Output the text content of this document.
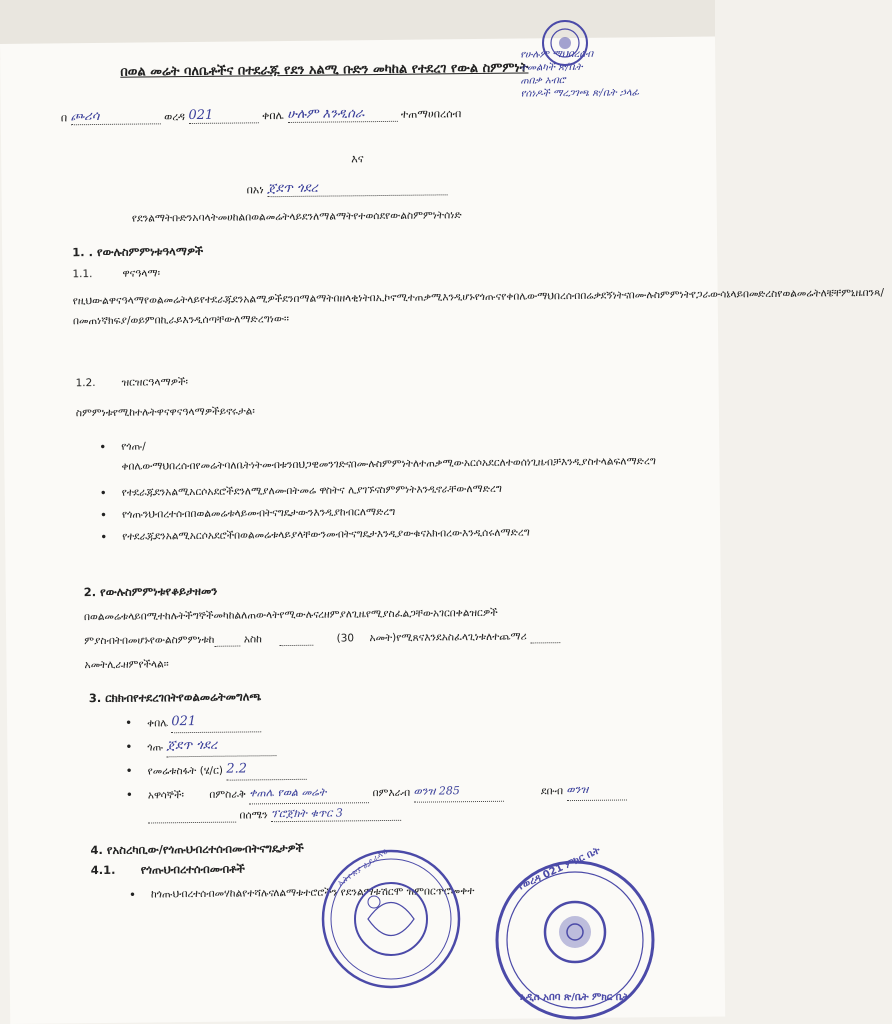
በወል መሬት ባለቤቶችና በተደራጁ የደን አልሚ ቡድን መካከል የተደረገ የውል ስምምነት
የሁሉም ማህበረሰብ
ተመልካች ጽ/ቤት
ጠበቃ አብሮ
የሰነዶች ማረጋገጫ ጽ/ቤት ኃላፊ
በ ጮሪሳ	ወረዳ 021	ቀበሌ ሁሉም እንዲሰራ	ተጠማሀበረሰብ
እና
በአነ ጀደጥ ጎደረ
የደንልማትቡድንአባላትመሀከልበወልመሬትላይደንለማልማትየተወሰደየውልስምምነትሰነድ
1. . የውሉስምምነቱዓላማዎች
1.1.	ዋናዓላማ፡
የዚህውልዋናዓላማየወልመሬትላይየተደራጁደንአልሚዎችደንበማልማትበዘላቂነትበኢኮኖሚተጠቃሚእንዲሆኑየጎጡናየቀበሌውማህበረሰብበሬቃደኝነትናበሙሉስምምነትየጋራውሳኔላይበመድረስየወልመሬትለቼቸምኒዜበንጻ/በመጠነኛክፍያ/ወይምበኪራይእንዲሰጣቸውለማድረግነው፡፡
1.2. ዝርዝርዓላማዎች፡
ስምምነቱየሚከተሉትዋናዋናዓላማዎችይኖሩታል፡
• የጎጡ/ቀበሌውማህበረሰብየመሬትባለቤትነትመብቱንበህጋዊመንገድናበሙሉስምምነትለተጠቃሚውአርሶአደርለተወሰነጊዜብቻእንዲያስተላልፍለማድረግ
• የተደራጁደንአልሚአርሶአደሮችደንለሚያለሙበትመሬ ዋስትና ሊያገኙናስምምነትእንዲኖራቸውለማድረግ
• የጎጡንህብረተሰብበወልመሬቱላይመብትናግዴታውንእንዲያከብርለማድረግ
• የተደራጁደንአልሚአርሶአደሮችበወልመሬቱላይያላቸውንመብትናግዴታእንዲያውቁናአክብረውእንዲሰሩለማድረግ
2. የውሉስምምነቱየቆይታዘመን
በወልመሬቱላይበሚተከሉትችግኞችመካከልለጠውላትየሚውሉናረዘምያለጊዜየሚያስፈልጋቸውአገርበቀልዝርዎች
ምያስብትበመሆኑየውልስምምነቱከ	አስከ	(30 አመት)የሚጸናእንደአስፈላጊነቱለተጨማሪ
አመትሊራዘምየችላል፡፡
3. ርክክብየተደረገበትየወልመሬትመግለጫ
• ቀበሌ 021
• ጎጡ ጀደጥ ጎደረ
• የመሬቱስፋት (ሄ/ር) 2.2
• አዋሳኞች፡ በምስራቅ ቀጠሌ የወል መሬት	በምእራብ ወንዝ 285	ደቡብ ወንዝ
በሰሜን ፕሮጀክት ቁጥር 3
4. የአስረካቢው/የጎጡህብረተሰብመብትናግዴታዎች
4.1. የጎጡህብረተሰብመብቶች
• ከጎጡህብረተሰብመሃከልየተሻሉናለልማቱተሮሮችን የደንልማቱሽርሞ ዝምበርጥሮመቀተ
ኢትዮጵያ ፌዴራላዊ	የወረዳ 021 ምክር ቤት
አዲስ አበባ ጽ/ቤት ምክር ቤት
